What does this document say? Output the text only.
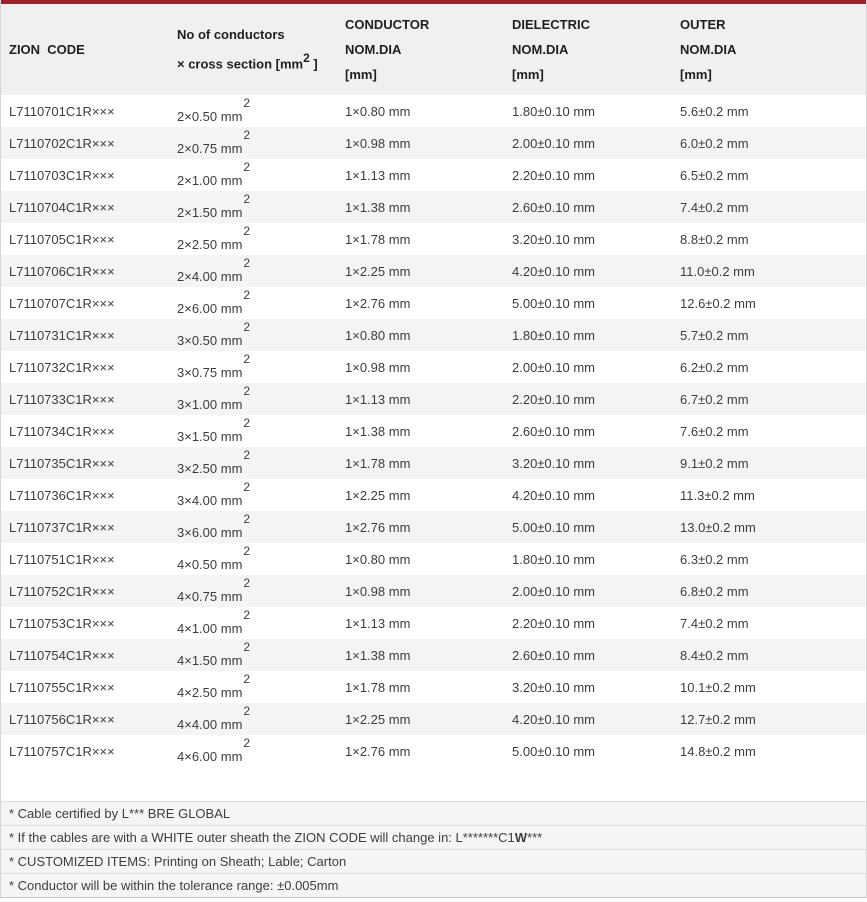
ZION  CODE

No of conductors
× cross section [$mm^2$ ]

CONDUCTOR
NOM.DIA
[mm]

DIELECTRIC
NOM.DIA
[mm]

OUTER
NOM.DIA
[mm]

L7110701C1R×××	2×0.50 $mm^2$	1×0.80 mm	1.80±0.10 mm	5.6±0.2 mm
L7110702C1R×××	2×0.75 $mm^2$	1×0.98 mm	2.00±0.10 mm	6.0±0.2 mm
L7110703C1R×××	2×1.00 $mm^2$	1×1.13 mm	2.20±0.10 mm	6.5±0.2 mm
L7110704C1R×××	2×1.50 $mm^2$	1×1.38 mm	2.60±0.10 mm	7.4±0.2 mm
L7110705C1R×××	2×2.50 $mm^2$	1×1.78 mm	3.20±0.10 mm	8.8±0.2 mm
L7110706C1R×××	2×4.00 $mm^2$	1×2.25 mm	4.20±0.10 mm	11.0±0.2 mm
L7110707C1R×××	2×6.00 $mm^2$	1×2.76 mm	5.00±0.10 mm	12.6±0.2 mm
L7110731C1R×××	3×0.50 $mm^2$	1×0.80 mm	1.80±0.10 mm	5.7±0.2 mm
L7110732C1R×××	3×0.75 $mm^2$	1×0.98 mm	2.00±0.10 mm	6.2±0.2 mm
L7110733C1R×××	3×1.00 $mm^2$	1×1.13 mm	2.20±0.10 mm	6.7±0.2 mm
L7110734C1R×××	3×1.50 $mm^2$	1×1.38 mm	2.60±0.10 mm	7.6±0.2 mm
L7110735C1R×××	3×2.50 $mm^2$	1×1.78 mm	3.20±0.10 mm	9.1±0.2 mm
L7110736C1R×××	3×4.00 $mm^2$	1×2.25 mm	4.20±0.10 mm	11.3±0.2 mm
L7110737C1R×××	3×6.00 $mm^2$	1×2.76 mm	5.00±0.10 mm	13.0±0.2 mm
L7110751C1R×××	4×0.50 $mm^2$	1×0.80 mm	1.80±0.10 mm	6.3±0.2 mm
L7110752C1R×××	4×0.75 $mm^2$	1×0.98 mm	2.00±0.10 mm	6.8±0.2 mm
L7110753C1R×××	4×1.00 $mm^2$	1×1.13 mm	2.20±0.10 mm	7.4±0.2 mm
L7110754C1R×××	4×1.50 $mm^2$	1×1.38 mm	2.60±0.10 mm	8.4±0.2 mm
L7110755C1R×××	4×2.50 $mm^2$	1×1.78 mm	3.20±0.10 mm	10.1±0.2 mm
L7110756C1R×××	4×4.00 $mm^2$	1×2.25 mm	4.20±0.10 mm	12.7±0.2 mm
L7110757C1R×××	4×6.00 $mm^2$	1×2.76 mm	5.00±0.10 mm	14.8±0.2 mm
* Cable certified by L*** BRE GLOBAL
* If the cables are with a WHITE outer sheath the ZION CODE will change in: L*******C1W***
* CUSTOMIZED ITEMS: Printing on Sheath; Lable; Carton
* Conductor will be within the tolerance range: ±0.005mm
